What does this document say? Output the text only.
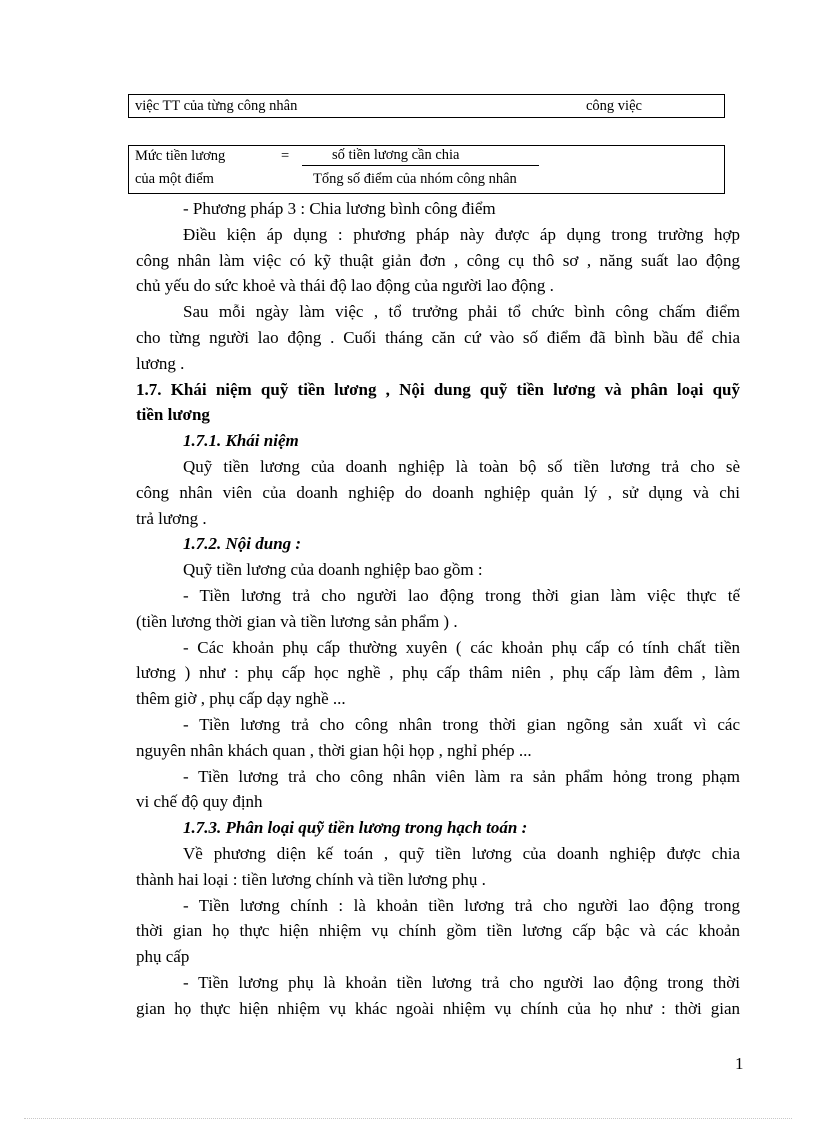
việc TT của từng công nhân	công việc
Mức tiền lương	=	số tiền lương cần chia
của một điểm	Tổng số điểm của nhóm công nhân
- Phương pháp 3 : Chia lương bình công điểm
Điều kiện áp dụng : phương pháp này được áp dụng trong trường hợp
công nhân làm việc có kỹ thuật giản đơn , công cụ thô sơ , năng suất lao động
chủ yếu do sức khoẻ và thái độ lao động của người lao động .
Sau mỗi ngày làm việc , tổ trưởng phải tổ chức bình công chấm điểm
cho từng người lao động . Cuối tháng căn cứ vào số điểm đã bình bầu để chia
lương .
1.7. Khái niệm quỹ tiền lương , Nội dung quỹ tiền lương và phân loại quỹ
tiền lương
1.7.1. Khái niệm
Quỹ tiền lương của doanh nghiệp là toàn bộ số tiền lương trả cho sè
công nhân viên của doanh nghiệp do doanh nghiệp quản lý , sử dụng và chi
trả lương .
1.7.2. Nội dung :
Quỹ tiền lương của doanh nghiệp bao gồm :
- Tiền lương trả cho người lao động trong thời gian làm việc thực tế
(tiền lương thời gian và tiền lương sản phẩm ) .
- Các khoản phụ cấp thường xuyên ( các khoản phụ cấp có tính chất tiền
lương ) như : phụ cấp học nghề , phụ cấp thâm niên , phụ cấp làm đêm , làm
thêm giờ , phụ cấp dạy nghề ...
- Tiền lương trả cho công nhân trong thời gian ngõng sản xuất vì các
nguyên nhân khách quan , thời gian hội họp , nghỉ phép ...
- Tiền lương trả cho công nhân viên làm ra sản phẩm hỏng trong phạm
vi chế độ quy định
1.7.3. Phân loại quỹ tiền lương trong hạch toán :
Về phương diện kế toán , quỹ tiền lương của doanh nghiệp được chia
thành hai loại : tiền lương chính và tiền lương phụ .
- Tiền lương chính : là khoản tiền lương trả cho người lao động trong
thời gian họ thực hiện nhiệm vụ chính gồm tiền lương cấp bậc và các khoản
phụ cấp
- Tiền lương phụ là khoản tiền lương trả cho người lao động trong thời
gian họ thực hiện nhiệm vụ khác ngoài nhiệm vụ chính của họ như : thời gian
1
